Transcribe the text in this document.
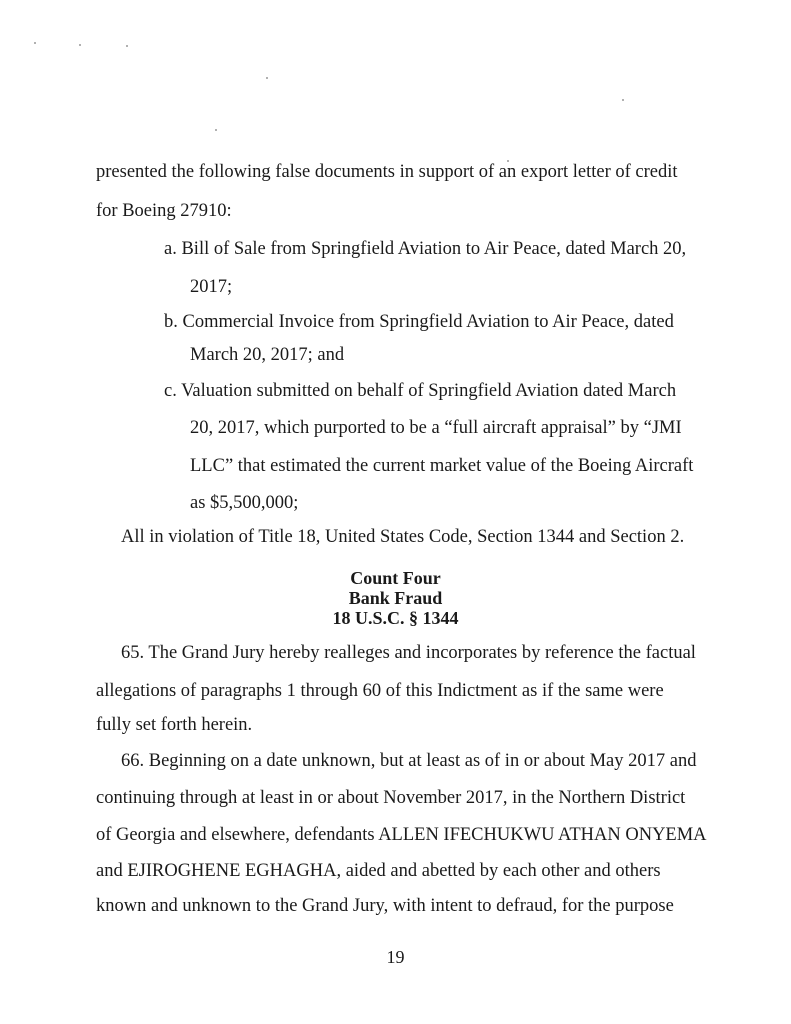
presented the following false documents in support of an export letter of credit
for Boeing 27910:
a. Bill of Sale from Springfield Aviation to Air Peace, dated March 20,
2017;
b. Commercial Invoice from Springfield Aviation to Air Peace, dated
March 20, 2017; and
c. Valuation submitted on behalf of Springfield Aviation dated March
20, 2017, which purported to be a “full aircraft appraisal” by “JMI
LLC” that estimated the current market value of the Boeing Aircraft
as $5,500,000;
All in violation of Title 18, United States Code, Section 1344 and Section 2.
Count Four
Bank Fraud
18 U.S.C. § 1344
65. The Grand Jury hereby realleges and incorporates by reference the factual
allegations of paragraphs 1 through 60 of this Indictment as if the same were
fully set forth herein.
66. Beginning on a date unknown, but at least as of in or about May 2017 and
continuing through at least in or about November 2017, in the Northern District
of Georgia and elsewhere, defendants ALLEN IFECHUKWU ATHAN ONYEMA
and EJIROGHENE EGHAGHA, aided and abetted by each other and others
known and unknown to the Grand Jury, with intent to defraud, for the purpose
19
